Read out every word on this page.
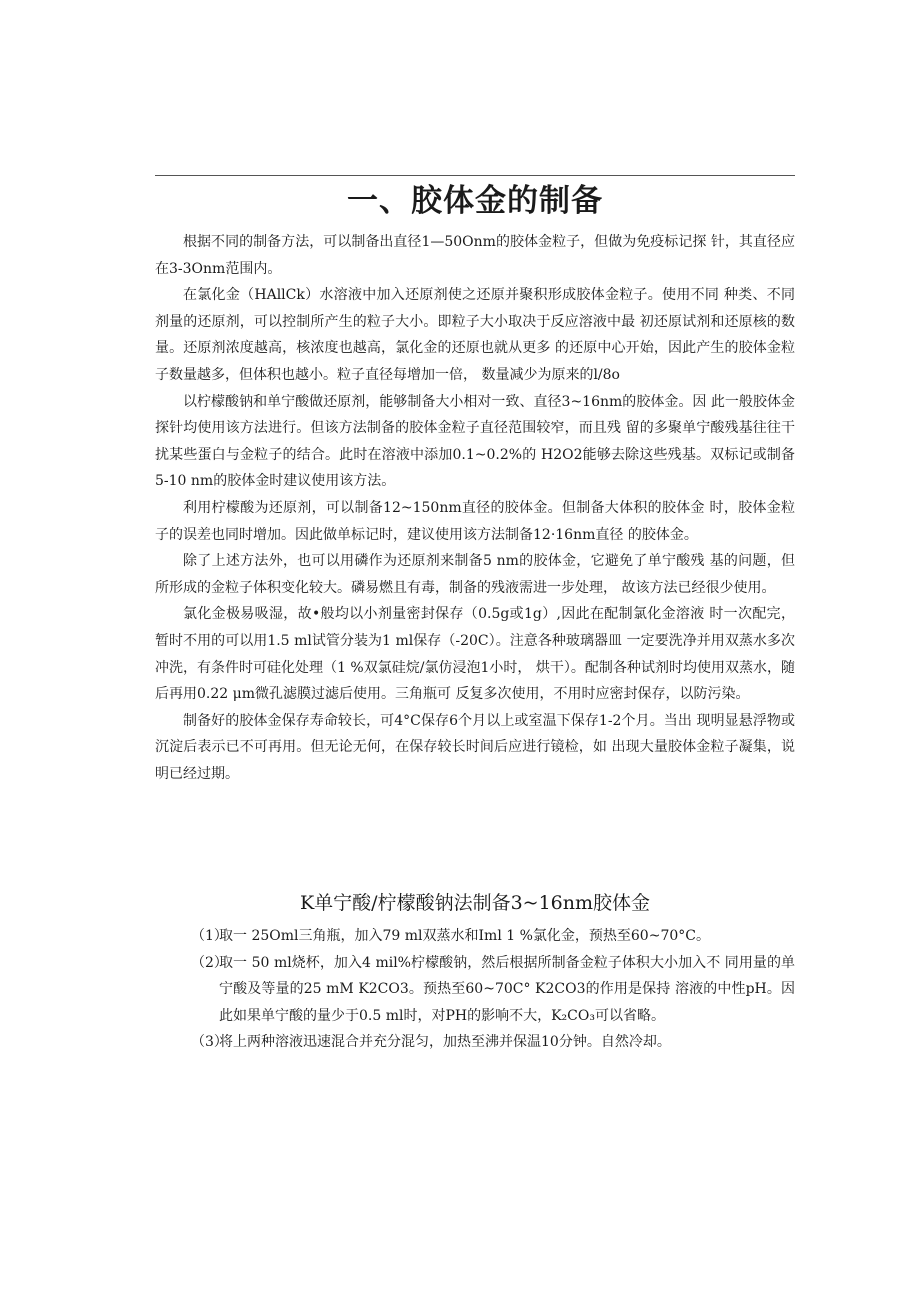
一、胶体金的制备

根据不同的制备方法，可以制备出直径1—50Onm的胶体金粒子，但做为免疫标记探 针，其直径应在3-3Onm范围内。

在氯化金（HAllCk）水溶液中加入还原剂使之还原并聚积形成胶体金粒子。使用不同 种类、不同剂量的还原剂，可以控制所产生的粒子大小。即粒子大小取决于反应溶液中最 初还原试剂和还原核的数量。还原剂浓度越高，核浓度也越高，氯化金的还原也就从更多 的还原中心开始，因此产生的胶体金粒子数量越多，但体积也越小。粒子直径每增加一倍， 数量减少为原来的l/8o

以柠檬酸钠和单宁酸做还原剂，能够制备大小相对一致、直径3~16nm的胶体金。因 此一般胶体金探针均使用该方法进行。但该方法制备的胶体金粒子直径范围较窄，而且残 留的多聚单宁酸残基往往干扰某些蛋白与金粒子的结合。此时在溶液中添加0.1~0.2%的 H2O2能够去除这些残基。双标记或制备5-10 nm的胶体金时建议使用该方法。

利用柠檬酸为还原剂，可以制备12~150nm直径的胶体金。但制备大体积的胶体金 时，胶体金粒子的误差也同时增加。因此做单标记时，建议使用该方法制备12·16nm直径 的胶体金。

除了上述方法外，也可以用磷作为还原剂来制备5 nm的胶体金，它避免了单宁酸残 基的问题，但所形成的金粒子体积变化较大。磷易燃且有毒，制备的残液需进一步处理， 故该方法已经很少使用。

氯化金极易吸湿，故•般均以小剂量密封保存（0.5g或1g）,因此在配制氯化金溶液 时一次配完，暂时不用的可以用1.5 ml试管分装为1 ml保存（-20C）。注意各种玻璃器皿 一定要洗净并用双蒸水多次冲洗，有条件时可硅化处理（1 %双氯硅烷/氯仿浸泡1小时， 烘干）。配制各种试剂时均使用双蒸水，随后再用0.22 μm微孔滤膜过滤后使用。三角瓶可 反复多次使用，不用时应密封保存，以防污染。

制备好的胶体金保存寿命较长，可4°C保存6个月以上或室温下保存1-2个月。当出 现明显悬浮物或沉淀后表示已不可再用。但无论无何，在保存较长时间后应进行镜检，如 出现大量胶体金粒子凝集，说明已经过期。

K单宁酸/柠檬酸钠法制备3~16nm胶体金
（1）
取一 25Oml三角瓶，加入79 ml双蒸水和Iml 1 %氯化金，预热至60~70°C。
（2）
取一 50 ml烧杯，加入4 mil%柠檬酸钠，然后根据所制备金粒子体积大小加入不 同用量的单宁酸及等量的25 mM K2CO3。预热至60~70C° K2CO3的作用是保持 溶液的中性pH。因此如果单宁酸的量少于0.5 ml时，对PH的影响不大，K₂CO₃可以省略。
（3）
将上两种溶液迅速混合并充分混匀，加热至沸并保温10分钟。自然冷却。
